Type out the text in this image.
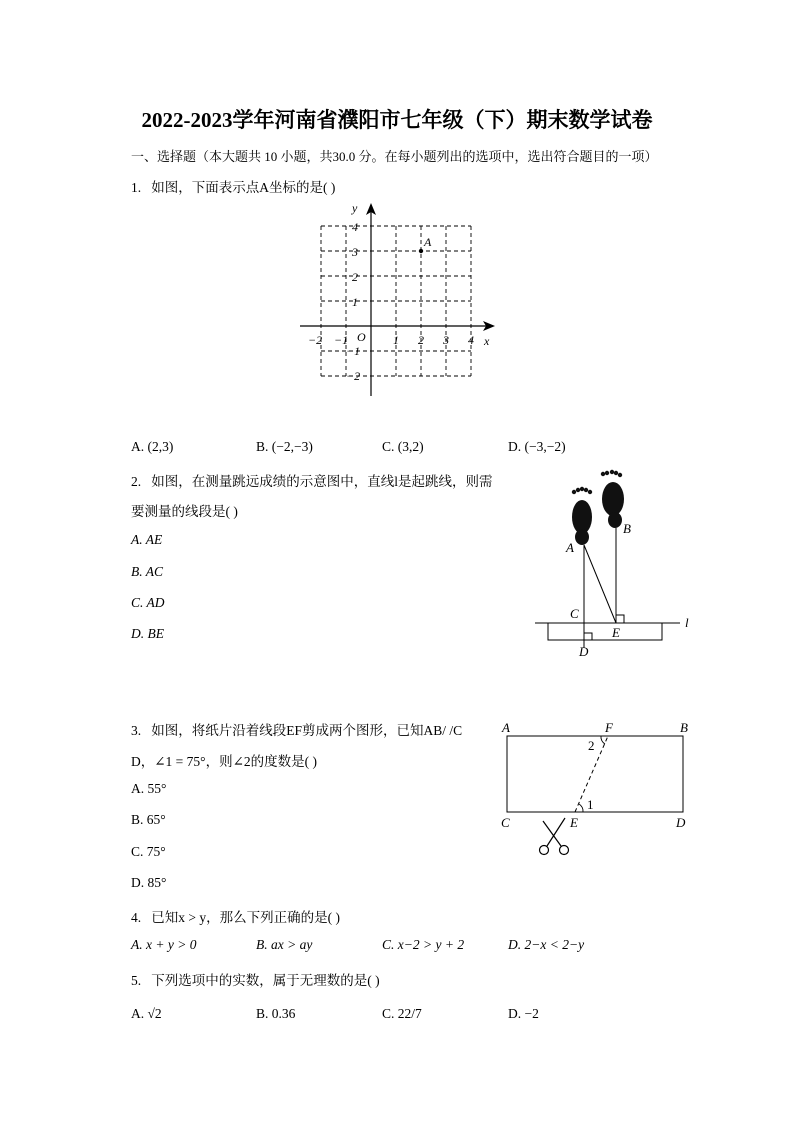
2022-2023学年河南省濮阳市七年级（下）期末数学试卷
一、选择题（本大题共 10 小题，共30.0 分。在每小题列出的选项中，选出符合题目的一项）
1. 如图，下面表示点A坐标的是( )
y
x
O
−2 −1	1 2 3 4
4
3
2
1
−1
−2
A
A. (2,3)	B. (−2,−3)	C. (3,2)	D. (−3,−2)
2. 如图，在测量跳远成绩的示意图中，直线l是起跳线，则需
要测量的线段是( )
A. AE
B. AC
C. AD
D. BE
A
B
C
E
D
l
3. 如图，将纸片沿着线段EF剪成两个图形，已知AB/ /C
D，∠1 = 75°，则∠2的度数是( )
A. 55°
B. 65°
C. 75°
D. 85°
A	F	B
2
1
C	E	D
4. 已知x > y，那么下列正确的是( )
A. x + y > 0	B. ax > ay	C. x−2 > y + 2	D. 2−x < 2−y
5. 下列选项中的实数，属于无理数的是( )
A. √2	B. 0.36	C. 22/7	D. −2
